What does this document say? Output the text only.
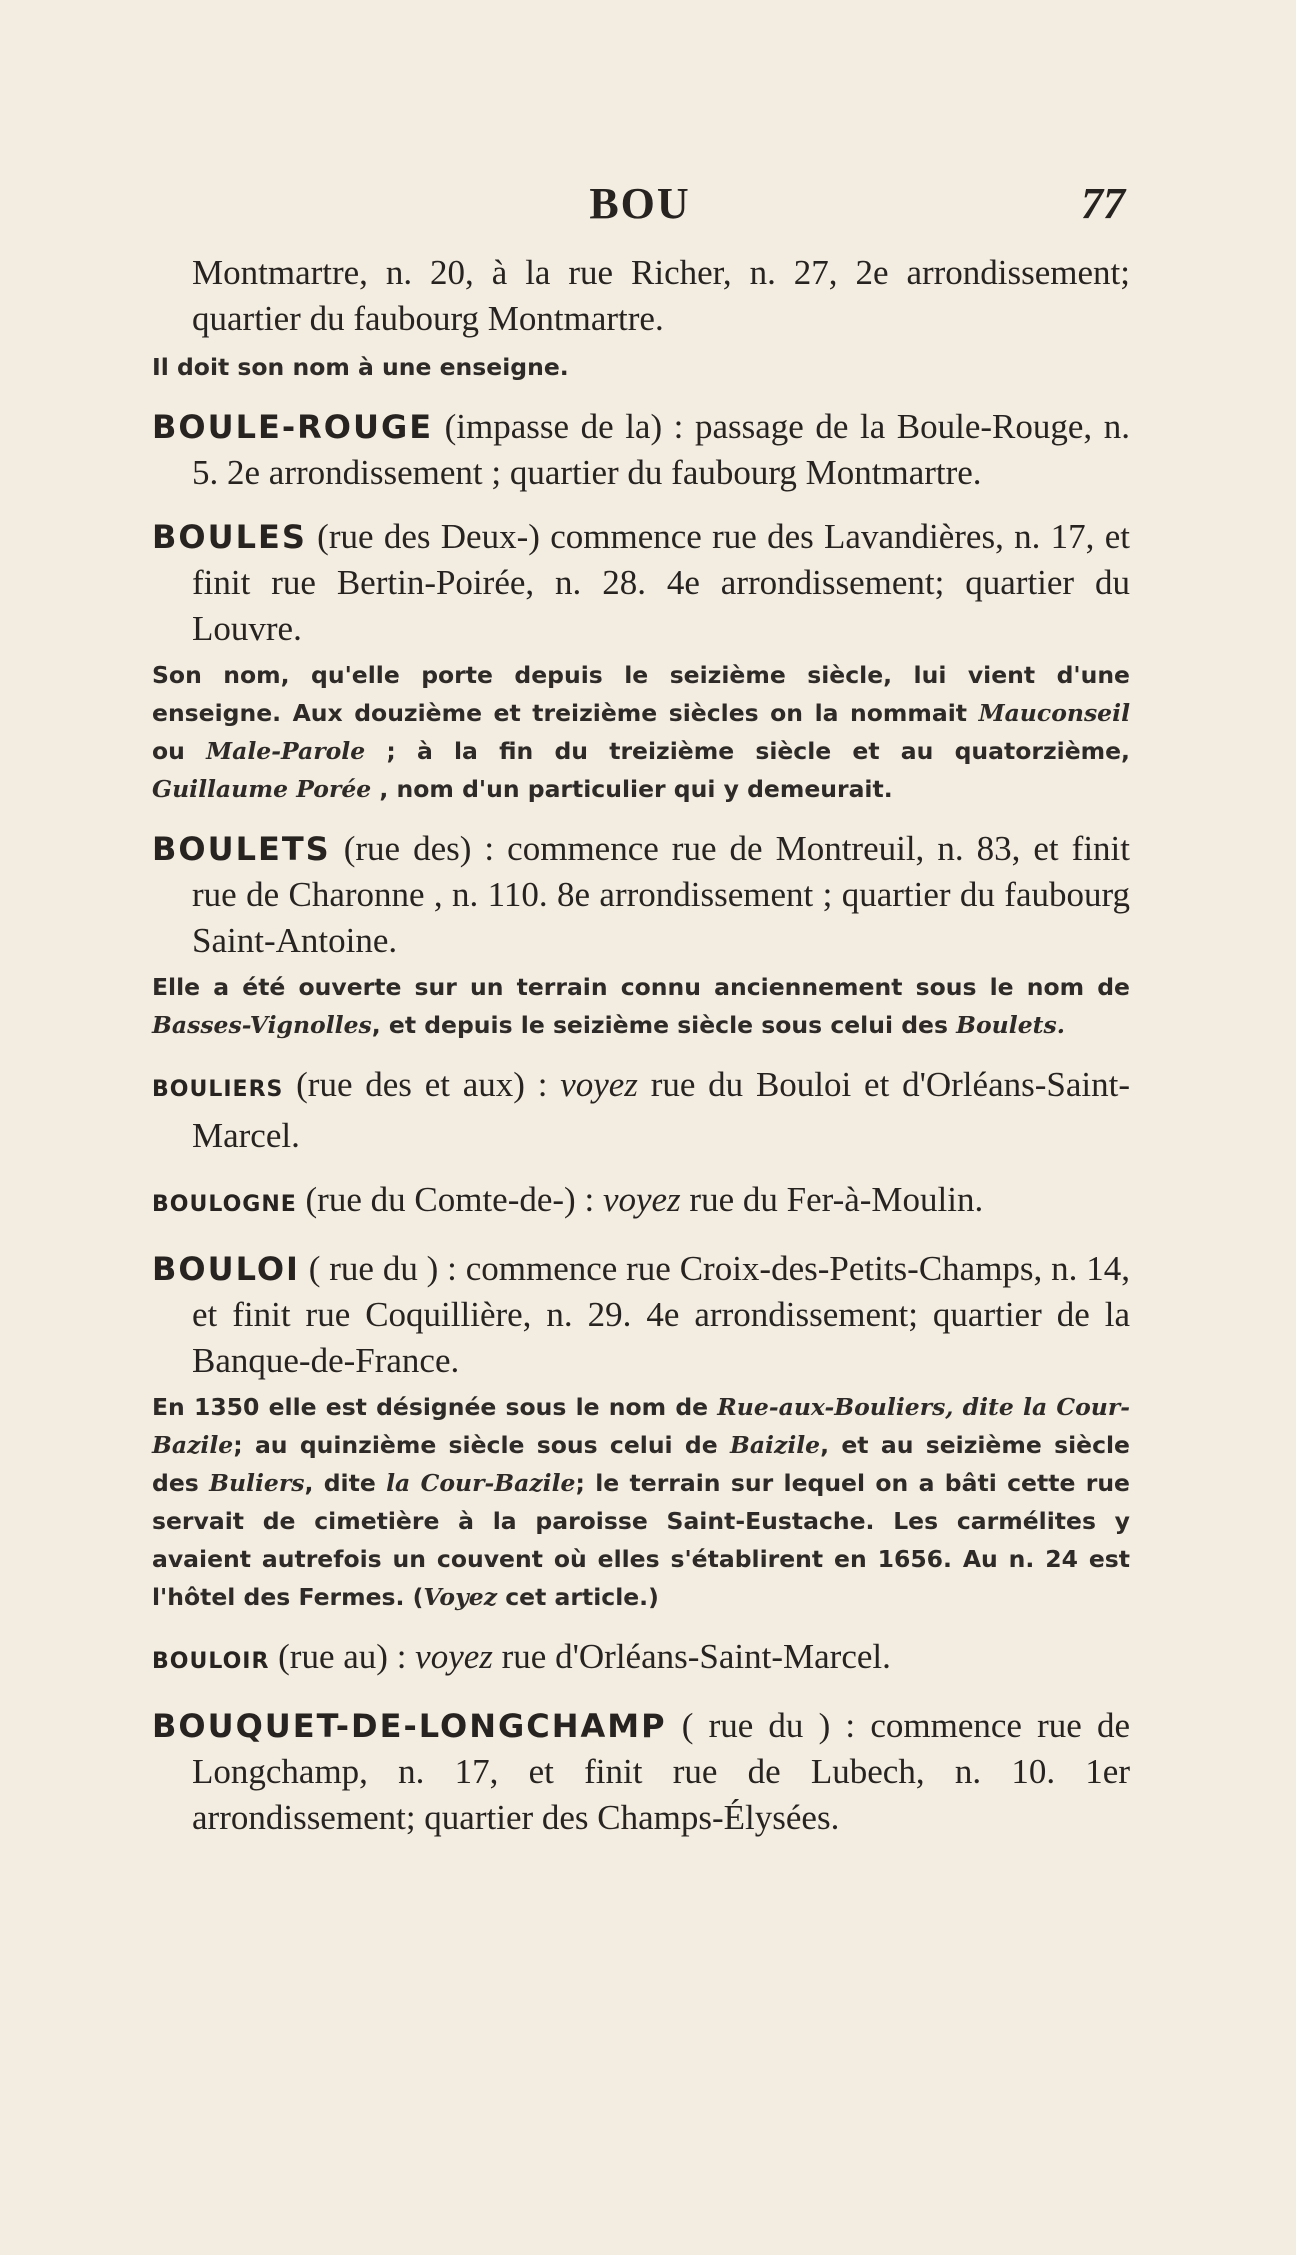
BOU	77

Montmartre, n. 20, à la rue Richer, n. 27, 2e arrondissement; quartier du faubourg Montmartre.

Il doit son nom à une enseigne.

BOULE-ROUGE (impasse de la) : passage de la Boule-Rouge, n. 5. 2e arrondissement ; quartier du faubourg Montmartre.

BOULES (rue des Deux-) commence rue des Lavandières, n. 17, et finit rue Bertin-Poirée, n. 28. 4e arrondissement; quartier du Louvre.

Son nom, qu'elle porte depuis le seizième siècle, lui vient d'une enseigne. Aux douzième et treizième siècles on la nommait Mauconseil ou Male-Parole ; à la fin du treizième siècle et au quatorzième, Guillaume Porée , nom d'un particulier qui y demeurait.

BOULETS (rue des) : commence rue de Montreuil, n. 83, et finit rue de Charonne , n. 110. 8e arrondissement ; quartier du faubourg Saint-Antoine.

Elle a été ouverte sur un terrain connu anciennement sous le nom de Basses-Vignolles, et depuis le seizième siècle sous celui des Boulets.

BOULIERS (rue des et aux) : voyez rue du Bouloi et d'Orléans-Saint-Marcel.

BOULOGNE (rue du Comte-de-) : voyez rue du Fer-à-Moulin.

BOULOI ( rue du ) : commence rue Croix-des-Petits-Champs, n. 14, et finit rue Coquillière, n. 29. 4e arrondissement; quartier de la Banque-de-France.

En 1350 elle est désignée sous le nom de Rue-aux-Bouliers, dite la Cour-Bazile; au quinzième siècle sous celui de Baizile, et au seizième siècle des Buliers, dite la Cour-Bazile; le terrain sur lequel on a bâti cette rue servait de cimetière à la paroisse Saint-Eustache. Les carmélites y avaient autrefois un couvent où elles s'établirent en 1656. Au n. 24 est l'hôtel des Fermes. (Voyez cet article.)

BOULOIR (rue au) : voyez rue d'Orléans-Saint-Marcel.

BOUQUET-DE-LONGCHAMP ( rue du ) : commence rue de Longchamp, n. 17, et finit rue de Lubech, n. 10. 1er arrondissement; quartier des Champs-Élysées.
